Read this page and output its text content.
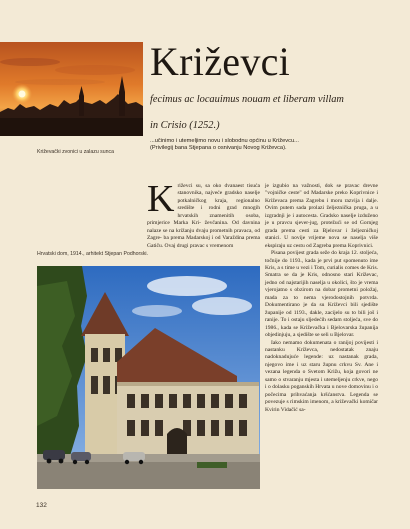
Križevački zvonici u zalazu sunca
Križevci
fecimus ac locauimus nouam et liberam villam
in Crisio (1252.)
...učinimo i utemeljimo novu i slobodnu općinu u Križevcu...
(Privilegij bana Stjepana o osnivanju Novog Križevca).
Hrvatski dom, 1914., arhitekt Stjepan Podhorski.

Križevci su, sa oko dvanaest tisuća stanovnika, najveće gradsko naselje potkalničkog kraja, regionalno središte i rodni grad mnogih hrvatskih znamenitih osoba, primjerice Marka Kri- ževčanina. Od davnina nalaze se na križanju dvaju prometnih pravaca, od Zagre- ba prema Madarskoj i od Varaždina prema Gatiču. Ovaj drugi pravac s vremenom

je izgubio na važnosti, dok se pravac drevne "vojničke ceste" od Madarske preko Koprivnice i Križevaca prema Zagrebu i moru razvija i dalje. Ovim putem sada prolazi željeznička pruga, a u izgradnji je i autocesta. Gradsko naselje izduženo je u pravcu sjever-jug, protežući se od Gornjeg grada prema cesti za Bjelovar i željezničkoj stanici. U novije vrijeme nova se naselja više ekspiraju uz cestu od Zagreba prema Koprivnici.

Pisana povijest grada seže do kraja 12. stoljeća, točnije do 1193., kada je prvi put spomenuto ime Kris, a s time u vezi i Tom, curialis comes de Kris. Smatra se da je Kris, odnosno stari Križevac, jedno od najstarijih naselja u okolici, što je vrema vjerojatno s obzirom na dobar prometni položaj, mada za to nema vjerodostojnih potvrda. Dokumentirano je da su Križevci bili sjedište županije od 1193., dakle, zacijelo su to bili još i ranije. To i ostaju sljedećih sedam stoljeća, sve do 1986., kada se Križevačka i Bjelovarska županija objedinjuju, a sjedište se seli u Bjelovar.

Iako nemamo dokumenata o ranijoj povijesti i nastanku Križevca, nedostatak znaju nadoknadujuće legende: uz nastanak grada, njegovo ime i uz staru župnu crkvu Sv. Ane i vezana legenda o Svetom Križu, koja govori ne samo o stvaranju mjesta i utemeljenju crkve, nego i o dolasku poganskih Hrvata u nove domovinu i o počecima prihvaćanja kršćanstva. Legenda se povezuje s rimskim imenom, a križevački komičar Kvirin Vidačić sa-

132
